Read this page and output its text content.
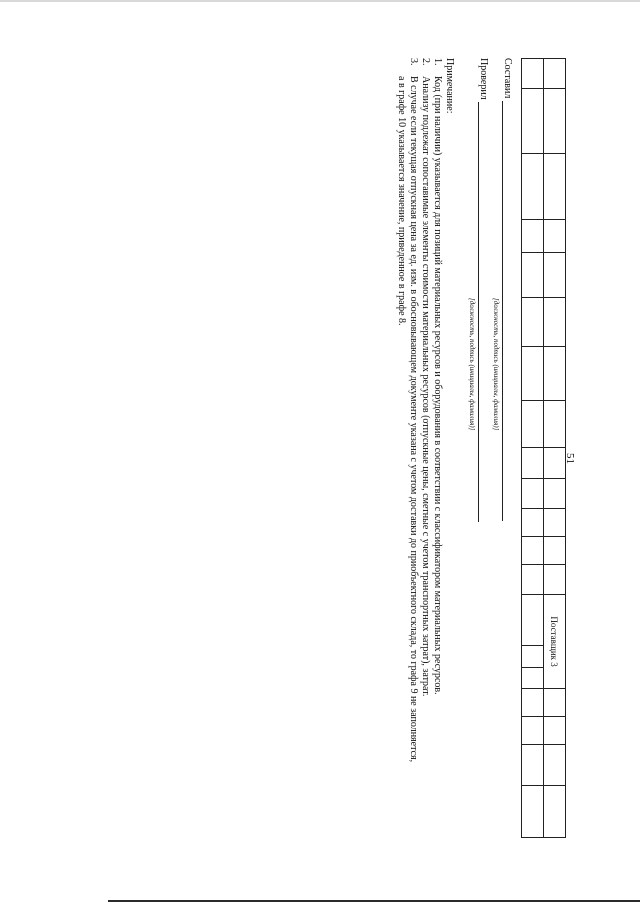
51
													Поставщик 3						

Составил
[должность, подпись (инициалы, фамилия)]
Проверил
[должность, подпись (инициалы, фамилия)]
Примечание:
1.
Код (при наличии) указывается для позиций материальных ресурсов и оборудования в соответствии с классификатором материальных ресурсов.
2.
Анализу подлежат сопоставимые элементы стоимости материальных ресурсов (отпускные цены, сметные с учетом транспортных затрат), затрат.
3.
В случае если текущая отпускная цена за ед. изм. в обосновывающем документе указана с учетом доставки до приобъектного склада, то графа 9 не заполняется,
а в графе 10 указывается значение, приведенное в графе 8.
